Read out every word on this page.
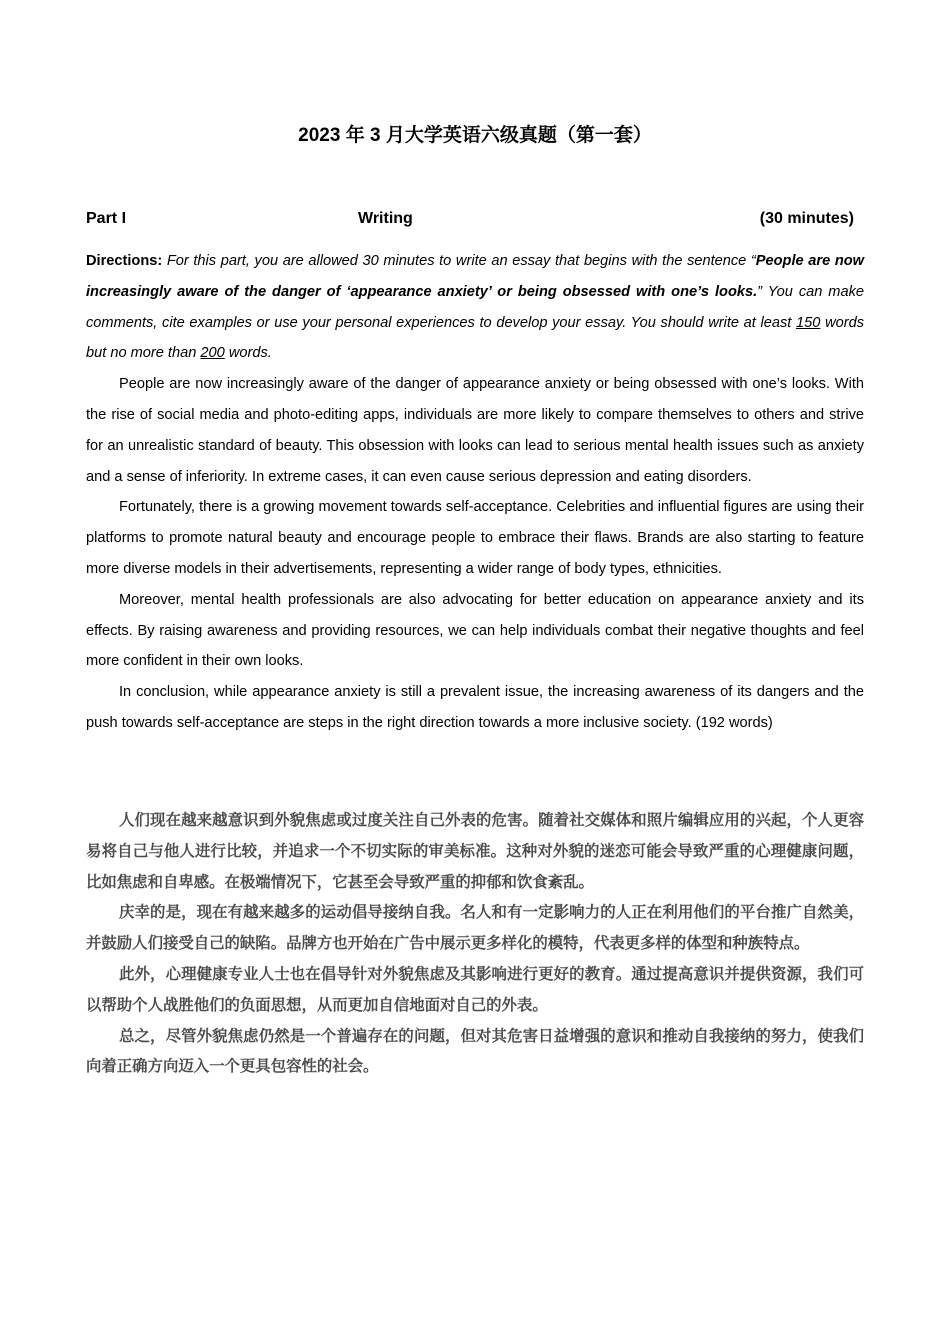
2023 年 3 月大学英语六级真题（第一套）
Part I	Writing	(30 minutes)

Directions: For this part, you are allowed 30 minutes to write an essay that begins with the sentence “People are now increasingly aware of the danger of ‘appearance anxiety’ or being obsessed with one’s looks.” You can make comments, cite examples or use your personal experiences to develop your essay. You should write at least 150 words but no more than 200 words.

People are now increasingly aware of the danger of appearance anxiety or being obsessed with one’s looks. With the rise of social media and photo-editing apps, individuals are more likely to compare themselves to others and strive for an unrealistic standard of beauty. This obsession with looks can lead to serious mental health issues such as anxiety and a sense of inferiority. In extreme cases, it can even cause serious depression and eating disorders.

Fortunately, there is a growing movement towards self-acceptance. Celebrities and influential figures are using their platforms to promote natural beauty and encourage people to embrace their flaws. Brands are also starting to feature more diverse models in their advertisements, representing a wider range of body types, ethnicities.

Moreover, mental health professionals are also advocating for better education on appearance anxiety and its effects. By raising awareness and providing resources, we can help individuals combat their negative thoughts and feel more confident in their own looks.

In conclusion, while appearance anxiety is still a prevalent issue, the increasing awareness of its dangers and the push towards self-acceptance are steps in the right direction towards a more inclusive society. (192 words)

人们现在越来越意识到外貌焦虑或过度关注自己外表的危害。随着社交媒体和照片编辑应用的兴起，个人更容易将自己与他人进行比较，并追求一个不切实际的审美标准。这种对外貌的迷恋可能会导致严重的心理健康问题，比如焦虑和自卑感。在极端情况下，它甚至会导致严重的抑郁和饮食紊乱。

庆幸的是，现在有越来越多的运动倡导接纳自我。名人和有一定影响力的人正在利用他们的平台推广自然美，并鼓励人们接受自己的缺陷。品牌方也开始在广告中展示更多样化的模特，代表更多样的体型和种族特点。

此外，心理健康专业人士也在倡导针对外貌焦虑及其影响进行更好的教育。通过提高意识并提供资源，我们可以帮助个人战胜他们的负面思想，从而更加自信地面对自己的外表。

总之，尽管外貌焦虑仍然是一个普遍存在的问题，但对其危害日益增强的意识和推动自我接纳的努力，使我们向着正确方向迈入一个更具包容性的社会。
